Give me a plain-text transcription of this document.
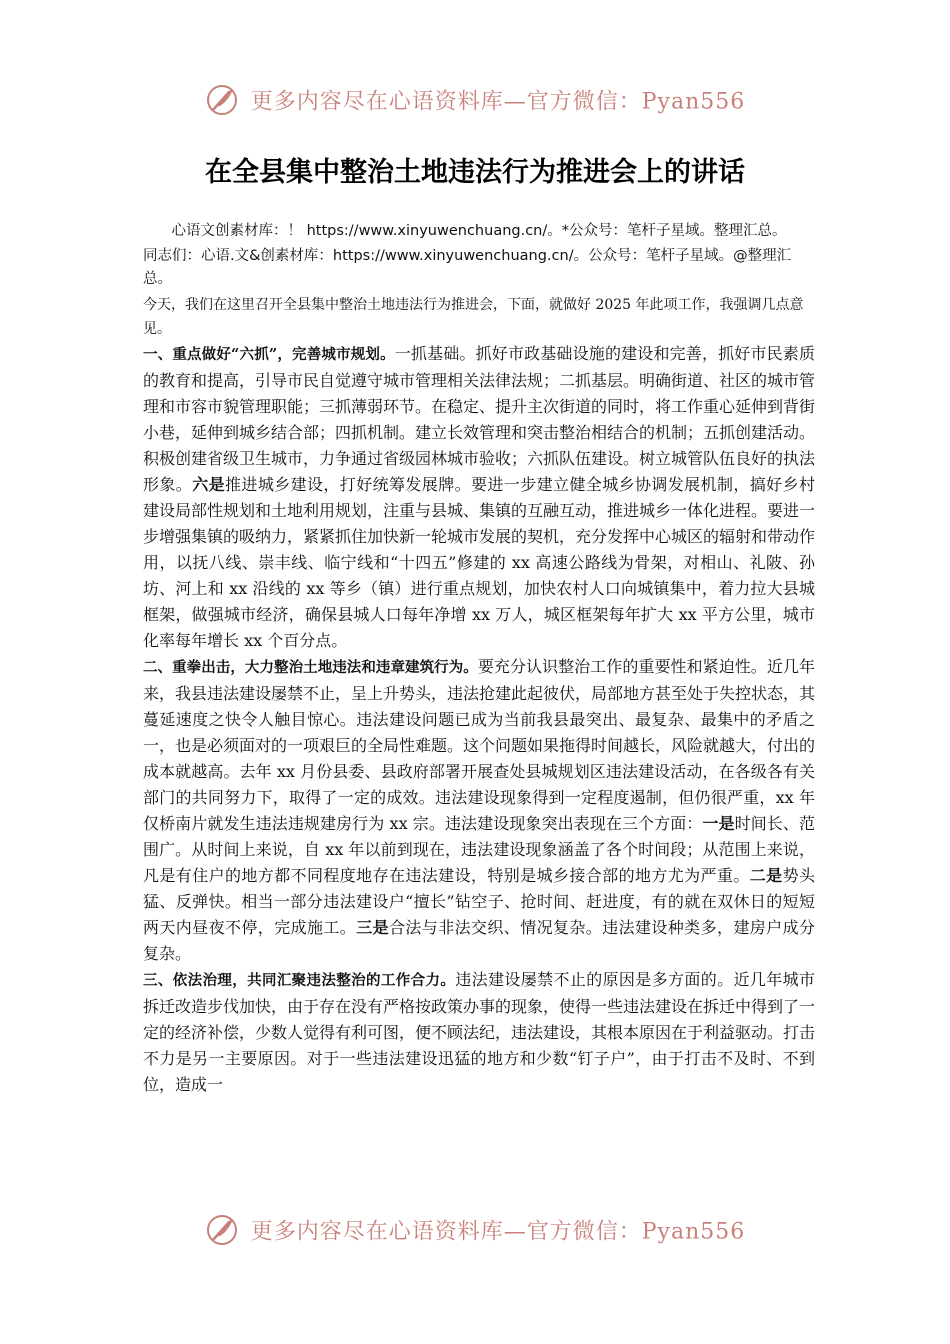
更多内容尽在心语资料库—官方微信：Pyan556
在全县集中整治土地违法行为推进会上的讲话

心语文创素材库：！ https://www.xinyuwenchuang.cn/。*公众号：笔杆子星域。整理汇总。

同志们：心语.文&创素材库：https://www.xinyuwenchuang.cn/。公众号：笔杆子星域。@整理汇总。

今天，我们在这里召开全县集中整治土地违法行为推进会，下面，就做好 2025 年此项工作，我强调几点意见。

一、重点做好“六抓”，完善城市规划。一抓基础。抓好市政基础设施的建设和完善，抓好市民素质的教育和提高，引导市民自觉遵守城市管理相关法律法规；二抓基层。明确街道、社区的城市管理和市容市貌管理职能；三抓薄弱环节。在稳定、提升主次街道的同时，将工作重心延伸到背街小巷，延伸到城乡结合部；四抓机制。建立长效管理和突击整治相结合的机制；五抓创建活动。积极创建省级卫生城市，力争通过省级园林城市验收；六抓队伍建设。树立城管队伍良好的执法形象。六是推进城乡建设，打好统筹发展牌。要进一步建立健全城乡协调发展机制，搞好乡村建设局部性规划和土地利用规划，注重与县城、集镇的互融互动，推进城乡一体化进程。要进一步增强集镇的吸纳力，紧紧抓住加快新一轮城市发展的契机，充分发挥中心城区的辐射和带动作用，以抚八线、崇丰线、临宁线和“十四五”修建的 xx 高速公路线为骨架，对相山、礼陂、孙坊、河上和 xx 沿线的 xx 等乡（镇）进行重点规划，加快农村人口向城镇集中，着力拉大县城框架，做强城市经济，确保县城人口每年净增 xx 万人，城区框架每年扩大 xx 平方公里，城市化率每年增长 xx 个百分点。

二、重拳出击，大力整治土地违法和违章建筑行为。要充分认识整治工作的重要性和紧迫性。近几年来，我县违法建设屡禁不止，呈上升势头，违法抢建此起彼伏，局部地方甚至处于失控状态，其蔓延速度之快令人触目惊心。违法建设问题已成为当前我县最突出、最复杂、最集中的矛盾之一，也是必须面对的一项艰巨的全局性难题。这个问题如果拖得时间越长，风险就越大，付出的成本就越高。去年 xx 月份县委、县政府部署开展查处县城规划区违法建设活动，在各级各有关部门的共同努力下，取得了一定的成效。违法建设现象得到一定程度遏制，但仍很严重，xx 年仅桥南片就发生违法违规建房行为 xx 宗。违法建设现象突出表现在三个方面：一是时间长、范围广。从时间上来说，自 xx 年以前到现在，违法建设现象涵盖了各个时间段；从范围上来说，凡是有住户的地方都不同程度地存在违法建设，特别是城乡接合部的地方尤为严重。二是势头猛、反弹快。相当一部分违法建设户“擅长”钻空子、抢时间、赶进度，有的就在双休日的短短两天内昼夜不停，完成施工。三是合法与非法交织、情况复杂。违法建设种类多，建房户成分复杂。

三、依法治理，共同汇聚违法整治的工作合力。违法建设屡禁不止的原因是多方面的。近几年城市拆迁改造步伐加快，由于存在没有严格按政策办事的现象，使得一些违法建设在拆迁中得到了一定的经济补偿，少数人觉得有利可图，便不顾法纪，违法建设，其根本原因在于利益驱动。打击不力是另一主要原因。对于一些违法建设迅猛的地方和少数“钉子户”，由于打击不及时、不到位，造成一

更多内容尽在心语资料库—官方微信：Pyan556
